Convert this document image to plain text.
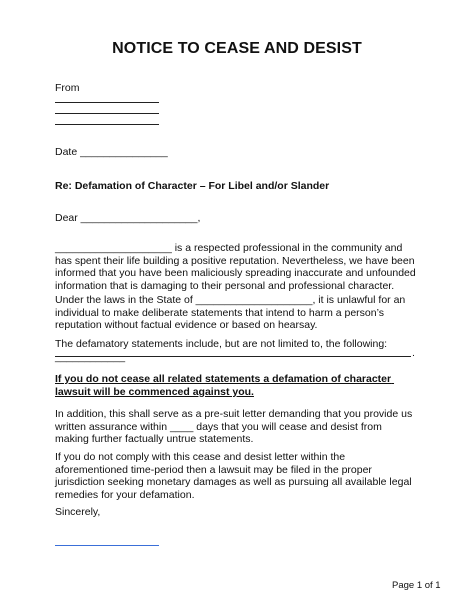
NOTICE TO CEASE AND DESIST
From
Date _______________
Re: Defamation of Character – For Libel and/or Slander
Dear ____________________,
____________________ is a respected professional in the community and has spent their life building a positive reputation. Nevertheless, we have been informed that you have been maliciously spreading inaccurate and unfounded information that is damaging to their personal and professional character.
Under the laws in the State of ____________________, it is unlawful for an individual to make deliberate statements that intend to harm a person’s reputation without factual evidence or based on hearsay.
The defamatory statements include, but are not limited to, the following: ____________	.
If you do not cease all related statements a defamation of character lawsuit will be commenced against you.
In addition, this shall serve as a pre-suit letter demanding that you provide us written assurance within ____ days that you will cease and desist from making further factually untrue statements.
If you do not comply with this cease and desist letter within the aforementioned time-period then a lawsuit may be filed in the proper jurisdiction seeking monetary damages as well as pursuing all available legal remedies for your defamation.
Sincerely,
Page 1 of 1
